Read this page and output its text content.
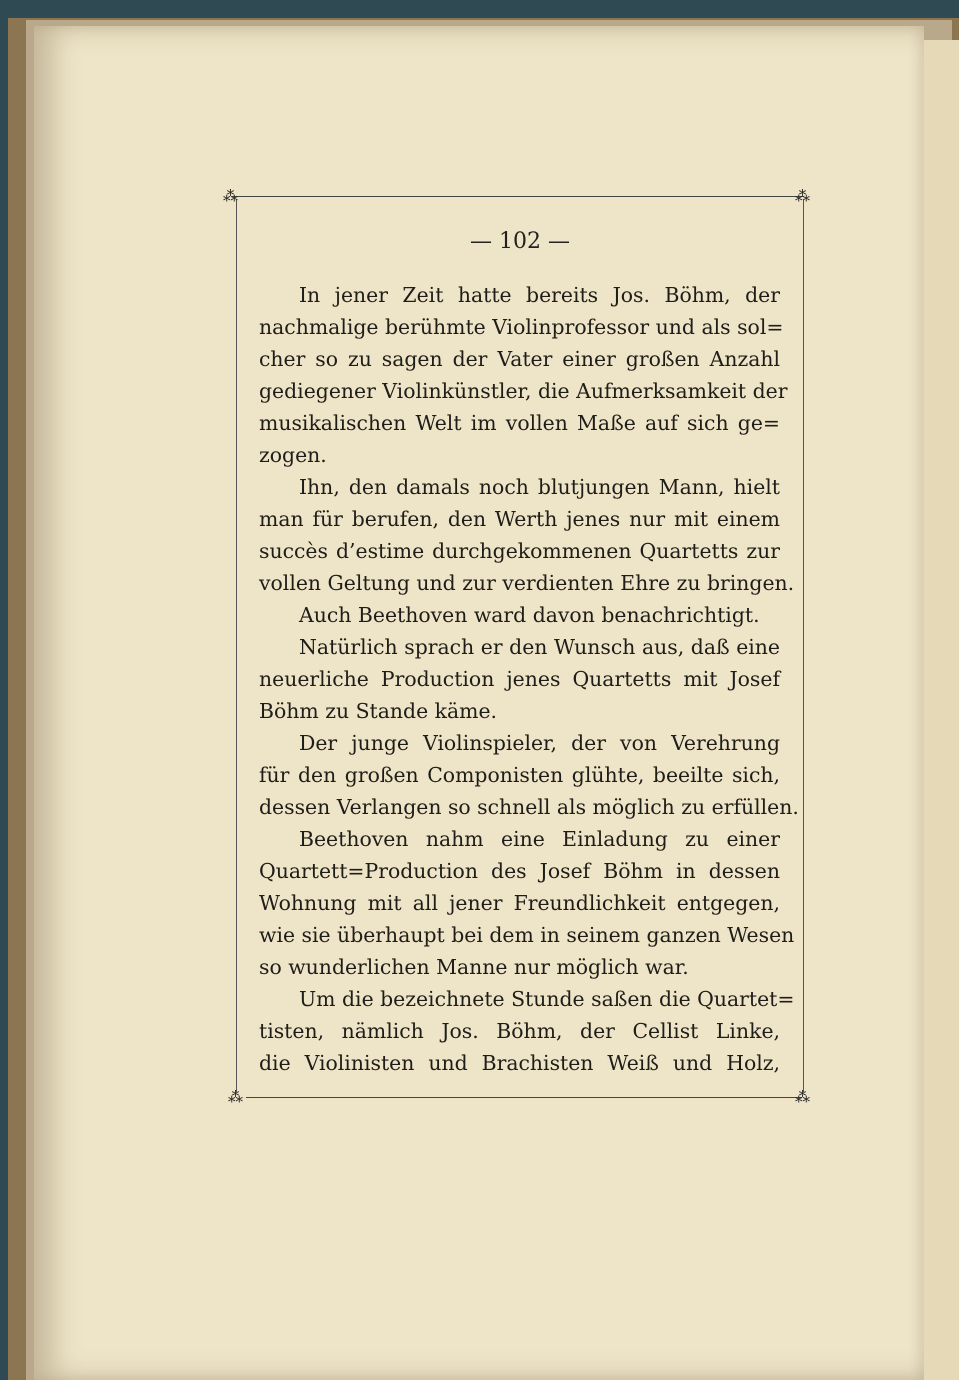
⁂	⁂
⁂	⁂
— 102 —
In jener Zeit hatte bereits Jos. Böhm, der
nachmalige berühmte Violinprofessor und als sol=
cher so zu sagen der Vater einer großen Anzahl
gediegener Violinkünstler, die Aufmerksamkeit der
musikalischen Welt im vollen Maße auf sich ge=
zogen.
Ihn, den damals noch blutjungen Mann, hielt
man für berufen, den Werth jenes nur mit einem
succès d’estime durchgekommenen Quartetts zur
vollen Geltung und zur verdienten Ehre zu bringen.
Auch Beethoven ward davon benachrichtigt.
Natürlich sprach er den Wunsch aus, daß eine
neuerliche Production jenes Quartetts mit Josef
Böhm zu Stande käme.
Der junge Violinspieler, der von Verehrung
für den großen Componisten glühte, beeilte sich,
dessen Verlangen so schnell als möglich zu erfüllen.
Beethoven nahm eine Einladung zu einer
Quartett=Production des Josef Böhm in dessen
Wohnung mit all jener Freundlichkeit entgegen,
wie sie überhaupt bei dem in seinem ganzen Wesen
so wunderlichen Manne nur möglich war.
Um die bezeichnete Stunde saßen die Quartet=
tisten, nämlich Jos. Böhm, der Cellist Linke,
die Violinisten und Brachisten Weiß und Holz,
